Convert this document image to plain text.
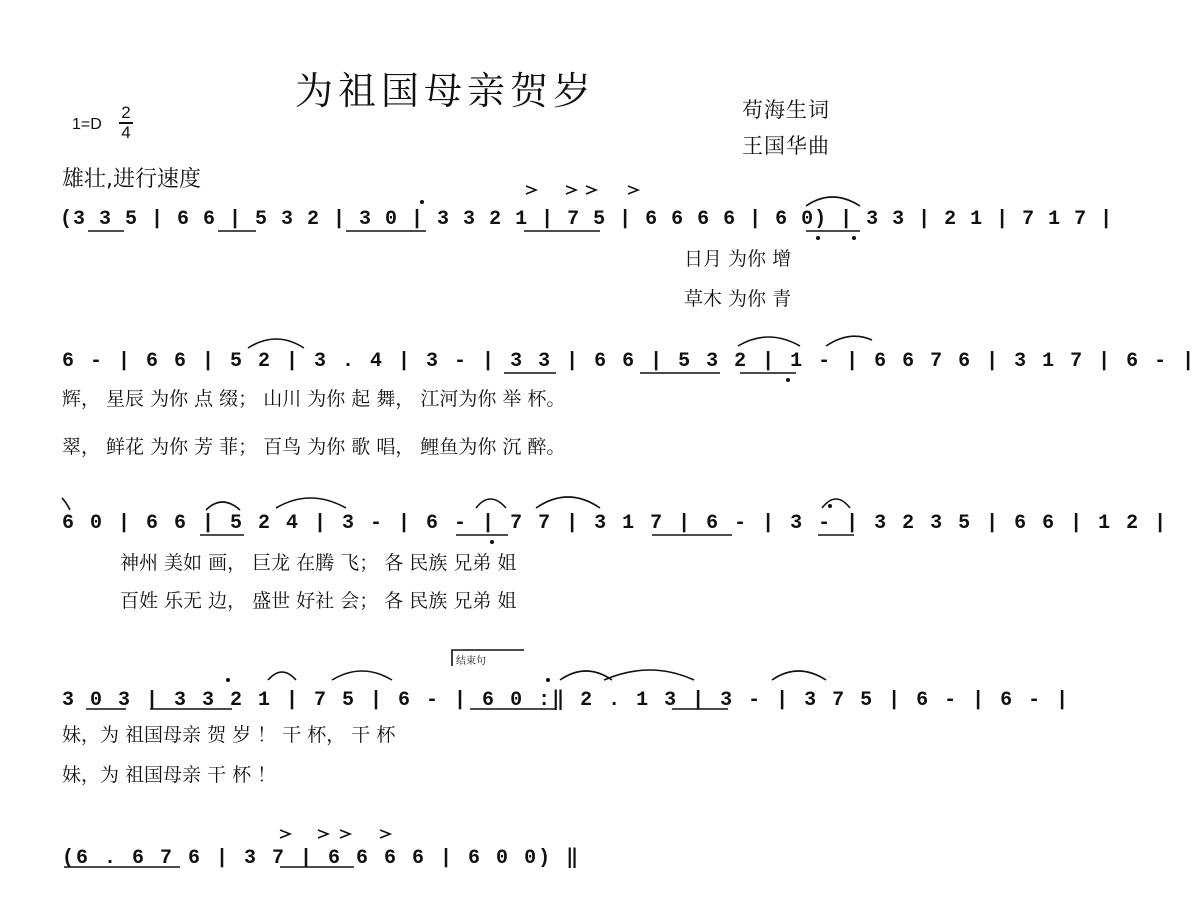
为祖国母亲贺岁	苟海生词
王国华曲
1=D
2
4
雄壮,进行速度
(3 3 5 | 6 6 | 5 3 2 | 3 0 | 3 3 2 1 | 7 5 | 6 6 6 6 | 6 0) | 3 3 | 2 1 | 7 1 7 |
日月 为你 增
草木 为你 青
6 - | 6 6 | 5 2 | 3 . 4 | 3 - | 3 3 | 6 6 | 5 3 2 | 1 - | 6 6 7 6 | 3 1 7 | 6 - |
辉， 星辰 为你 点 缀； 山川 为你 起 舞， 江河为你 举 杯。
翠， 鲜花 为你 芳 菲； 百鸟 为你 歌 唱， 鲤鱼为你 沉 醉。
6 0 | 6 6 | 5 2 4 | 3 - | 6 - | 7 7 | 3 1 7 | 6 - | 3 - | 3 2 3 5 | 6 6 | 1 2 |
神州 美如 画， 巨龙 在腾 飞； 各 民族 兄弟 姐
百姓 乐无 边， 盛世 好社 会； 各 民族 兄弟 姐
结束句
3 0 3 | 3 3 2 1 | 7 5 | 6 - | 6 0 :‖ 2 . 1 3 | 3 - | 3 7 5 | 6 - | 6 - |
妹，为 祖国母亲 贺 岁 ！ 干 杯， 干 杯
妹，为 祖国母亲 干 杯 ！
(6 . 6 7 6 | 3 7 | 6 6 6 6 | 6 0 0) ‖
